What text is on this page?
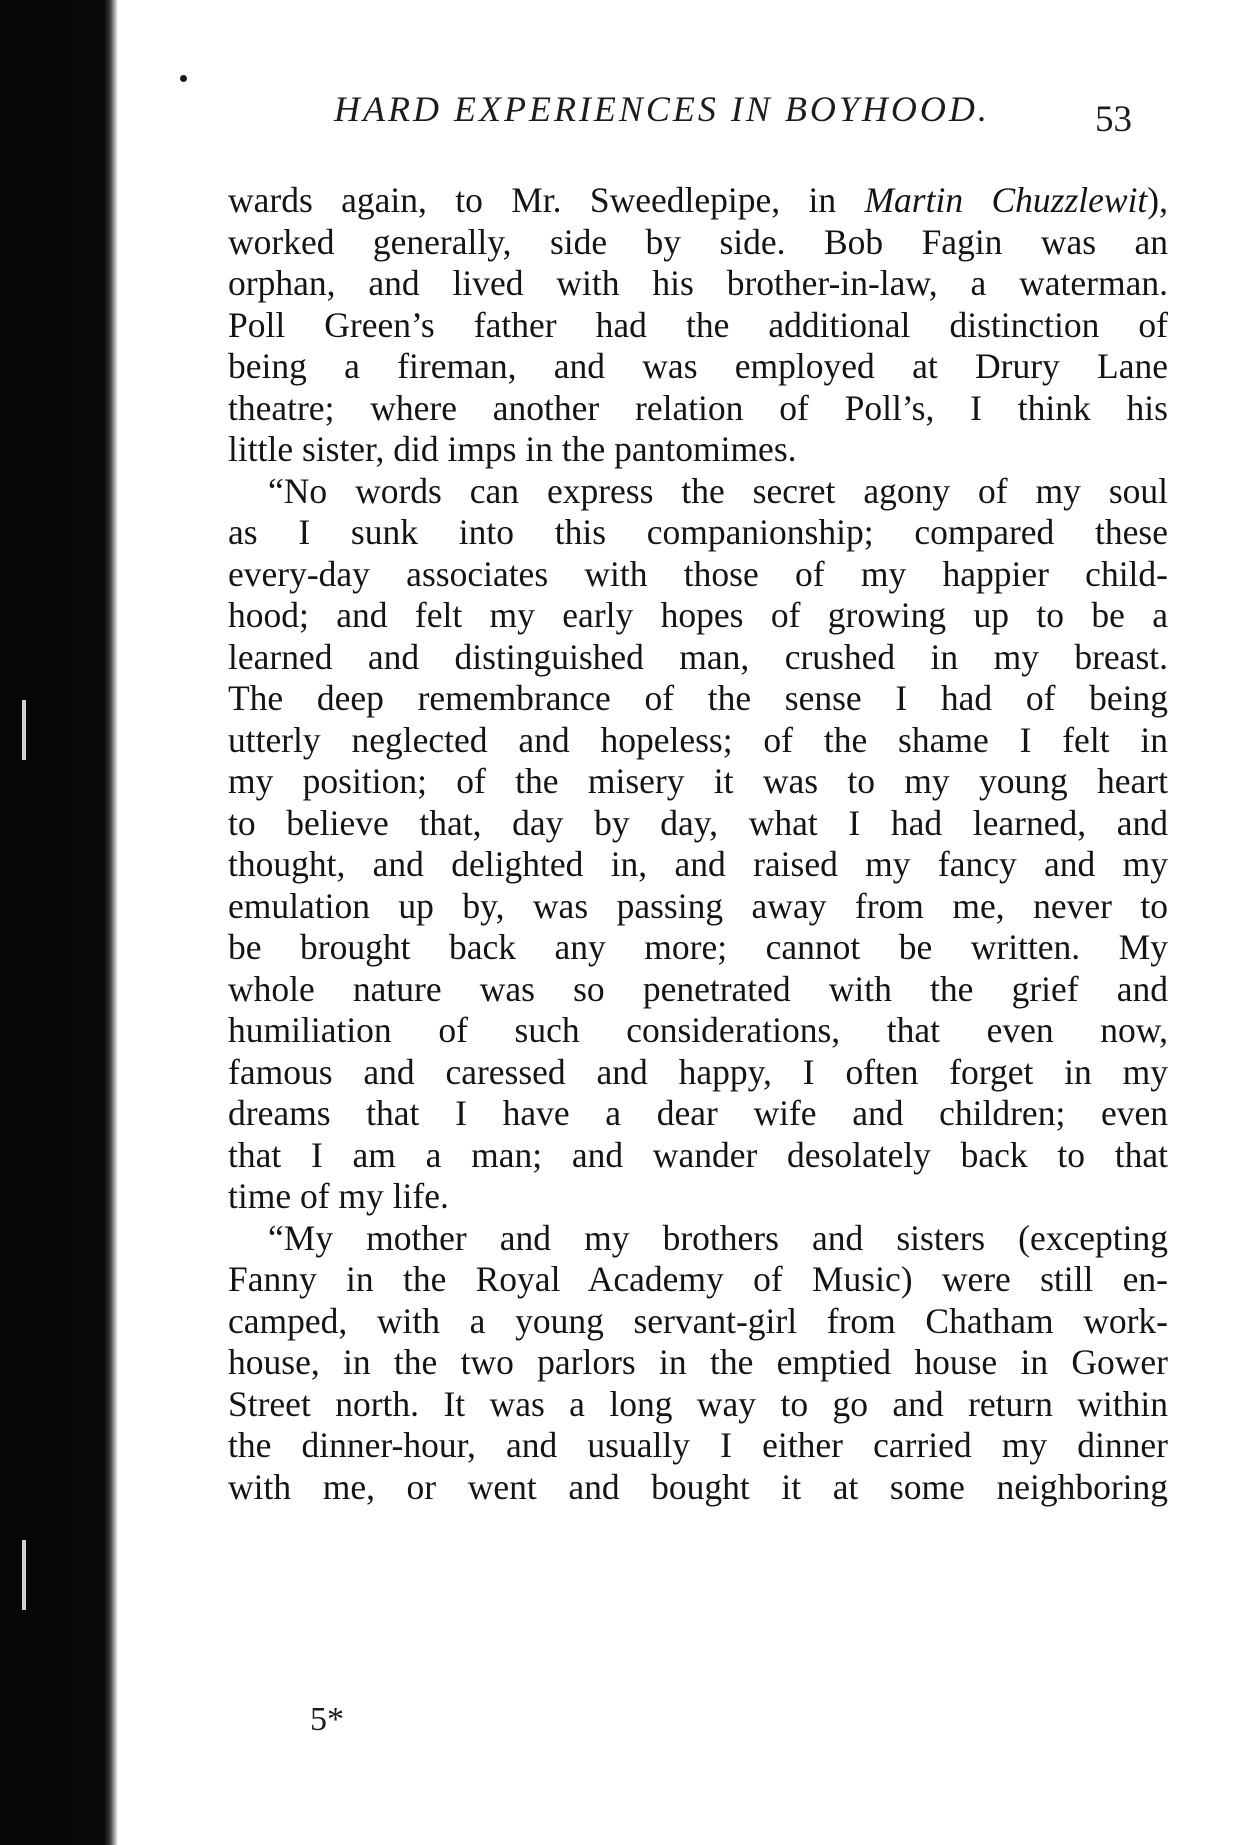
HARD EXPERIENCES IN BOYHOOD.	53
wards again, to Mr. Sweedlepipe, in Martin Chuzzlewit),
worked generally, side by side. Bob Fagin was an
orphan, and lived with his brother-in-law, a waterman.
Poll Green’s father had the additional distinction of
being a fireman, and was employed at Drury Lane
theatre; where another relation of Poll’s, I think his
little sister, did imps in the pantomimes.
“No words can express the secret agony of my soul
as I sunk into this companionship; compared these
every-day associates with those of my happier child-
hood; and felt my early hopes of growing up to be a
learned and distinguished man, crushed in my breast.
The deep remembrance of the sense I had of being
utterly neglected and hopeless; of the shame I felt in
my position; of the misery it was to my young heart
to believe that, day by day, what I had learned, and
thought, and delighted in, and raised my fancy and my
emulation up by, was passing away from me, never to
be brought back any more; cannot be written. My
whole nature was so penetrated with the grief and
humiliation of such considerations, that even now,
famous and caressed and happy, I often forget in my
dreams that I have a dear wife and children; even
that I am a man; and wander desolately back to that
time of my life.
“My mother and my brothers and sisters (excepting
Fanny in the Royal Academy of Music) were still en-
camped, with a young servant-girl from Chatham work-
house, in the two parlors in the emptied house in Gower
Street north. It was a long way to go and return within
the dinner-hour, and usually I either carried my dinner
with me, or went and bought it at some neighboring
5*
